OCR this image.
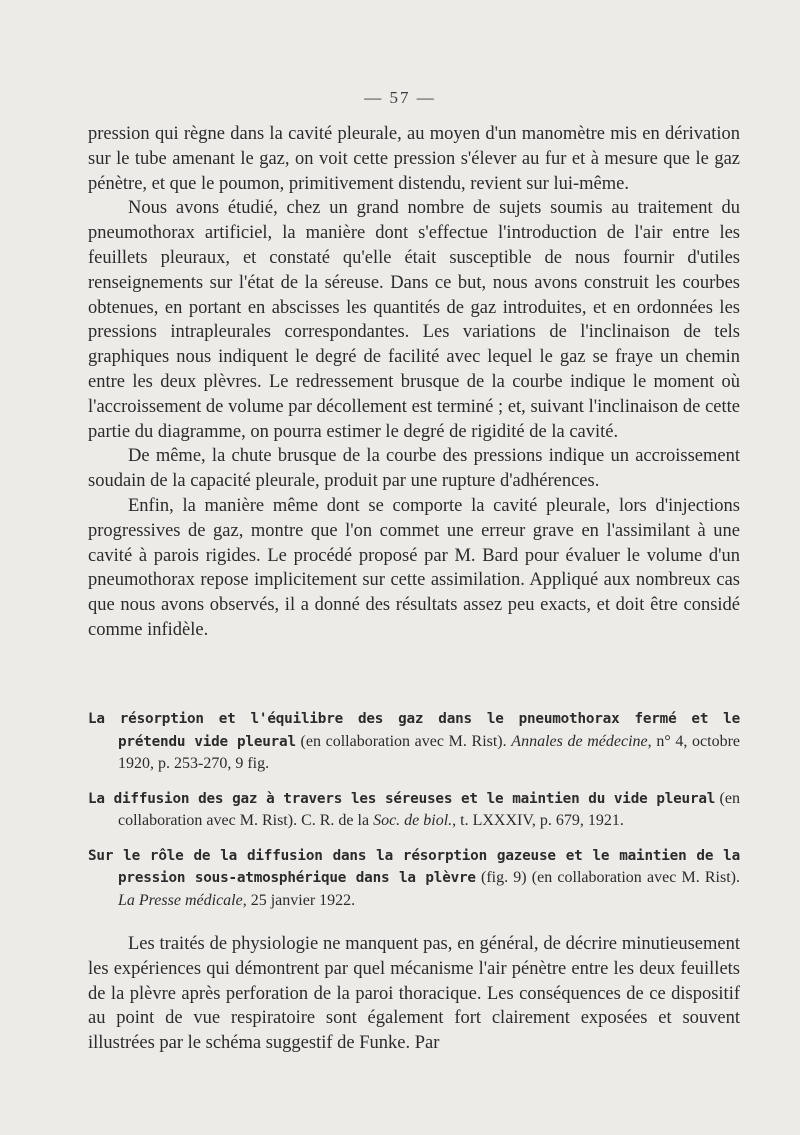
— 57 —

pression qui règne dans la cavité pleurale, au moyen d'un manomètre mis en dérivation sur le tube amenant le gaz, on voit cette pression s'élever au fur et à mesure que le gaz pénètre, et que le poumon, primitivement distendu, revient sur lui-même.

Nous avons étudié, chez un grand nombre de sujets soumis au traitement du pneumothorax artificiel, la manière dont s'effectue l'introduction de l'air entre les feuillets pleuraux, et constaté qu'elle était susceptible de nous fournir d'utiles renseignements sur l'état de la séreuse. Dans ce but, nous avons construit les courbes obtenues, en portant en abscisses les quantités de gaz introduites, et en ordonnées les pressions intrapleurales correspondantes. Les variations de l'inclinaison de tels graphiques nous indiquent le degré de facilité avec lequel le gaz se fraye un chemin entre les deux plèvres. Le redressement brusque de la courbe indique le moment où l'accroissement de volume par décollement est terminé ; et, suivant l'inclinaison de cette partie du diagramme, on pourra estimer le degré de rigidité de la cavité.

De même, la chute brusque de la courbe des pressions indique un accroissement soudain de la capacité pleurale, produit par une rupture d'adhérences.

Enfin, la manière même dont se comporte la cavité pleurale, lors d'injections progressives de gaz, montre que l'on commet une erreur grave en l'assimilant à une cavité à parois rigides. Le procédé proposé par M. Bard pour évaluer le volume d'un pneumothorax repose implicitement sur cette assimilation. Appliqué aux nombreux cas que nous avons observés, il a donné des résultats assez peu exacts, et doit être considé comme infidèle.

La résorption et l'équilibre des gaz dans le pneumothorax fermé et le prétendu vide pleural (en collaboration avec M. Rist). Annales de médecine, n° 4, octobre 1920, p. 253-270, 9 fig.

La diffusion des gaz à travers les séreuses et le maintien du vide pleural (en collaboration avec M. Rist). C. R. de la Soc. de biol., t. LXXXIV, p. 679, 1921.

Sur le rôle de la diffusion dans la résorption gazeuse et le maintien de la pression sous-atmosphérique dans la plèvre (fig. 9) (en collaboration avec M. Rist). La Presse médicale, 25 janvier 1922.

Les traités de physiologie ne manquent pas, en général, de décrire minutieusement les expériences qui démontrent par quel mécanisme l'air pénètre entre les deux feuillets de la plèvre après perforation de la paroi thoracique. Les conséquences de ce dispositif au point de vue respiratoire sont également fort clairement exposées et souvent illustrées par le schéma suggestif de Funke. Par
